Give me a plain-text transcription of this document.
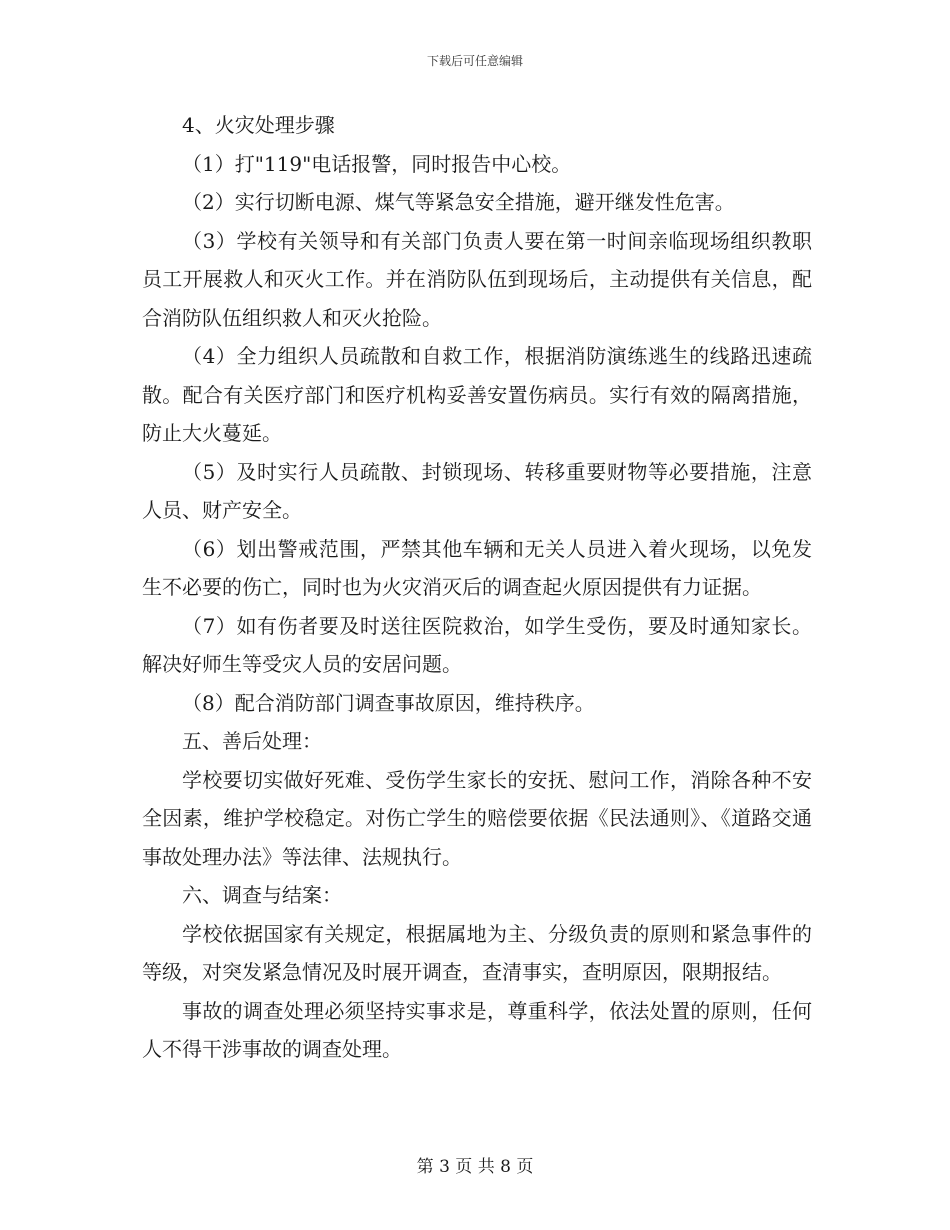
下载后可任意编辑

4、火灾处理步骤

（1）打"119"电话报警，同时报告中心校。

（2）实行切断电源、煤气等紧急安全措施，避开继发性危害。

（3）学校有关领导和有关部门负责人要在第一时间亲临现场组织教职员工开展救人和灭火工作。并在消防队伍到现场后，主动提供有关信息，配合消防队伍组织救人和灭火抢险。

（4）全力组织人员疏散和自救工作，根据消防演练逃生的线路迅速疏散。配合有关医疗部门和医疗机构妥善安置伤病员。实行有效的隔离措施，防止大火蔓延。

（5）及时实行人员疏散、封锁现场、转移重要财物等必要措施，注意人员、财产安全。

（6）划出警戒范围，严禁其他车辆和无关人员进入着火现场，以免发生不必要的伤亡，同时也为火灾消灭后的调查起火原因提供有力证据。

（7）如有伤者要及时送往医院救治，如学生受伤，要及时通知家长。解决好师生等受灾人员的安居问题。

（8）配合消防部门调查事故原因，维持秩序。

五、善后处理：

学校要切实做好死难、受伤学生家长的安抚、慰问工作，消除各种不安全因素，维护学校稳定。对伤亡学生的赔偿要依据《民法通则》、《道路交通事故处理办法》等法律、法规执行。

六、调查与结案：

学校依据国家有关规定，根据属地为主、分级负责的原则和紧急事件的等级，对突发紧急情况及时展开调查，查清事实，查明原因，限期报结。

事故的调查处理必须坚持实事求是，尊重科学，依法处置的原则，任何人不得干涉事故的调查处理。

第 3 页 共 8 页
